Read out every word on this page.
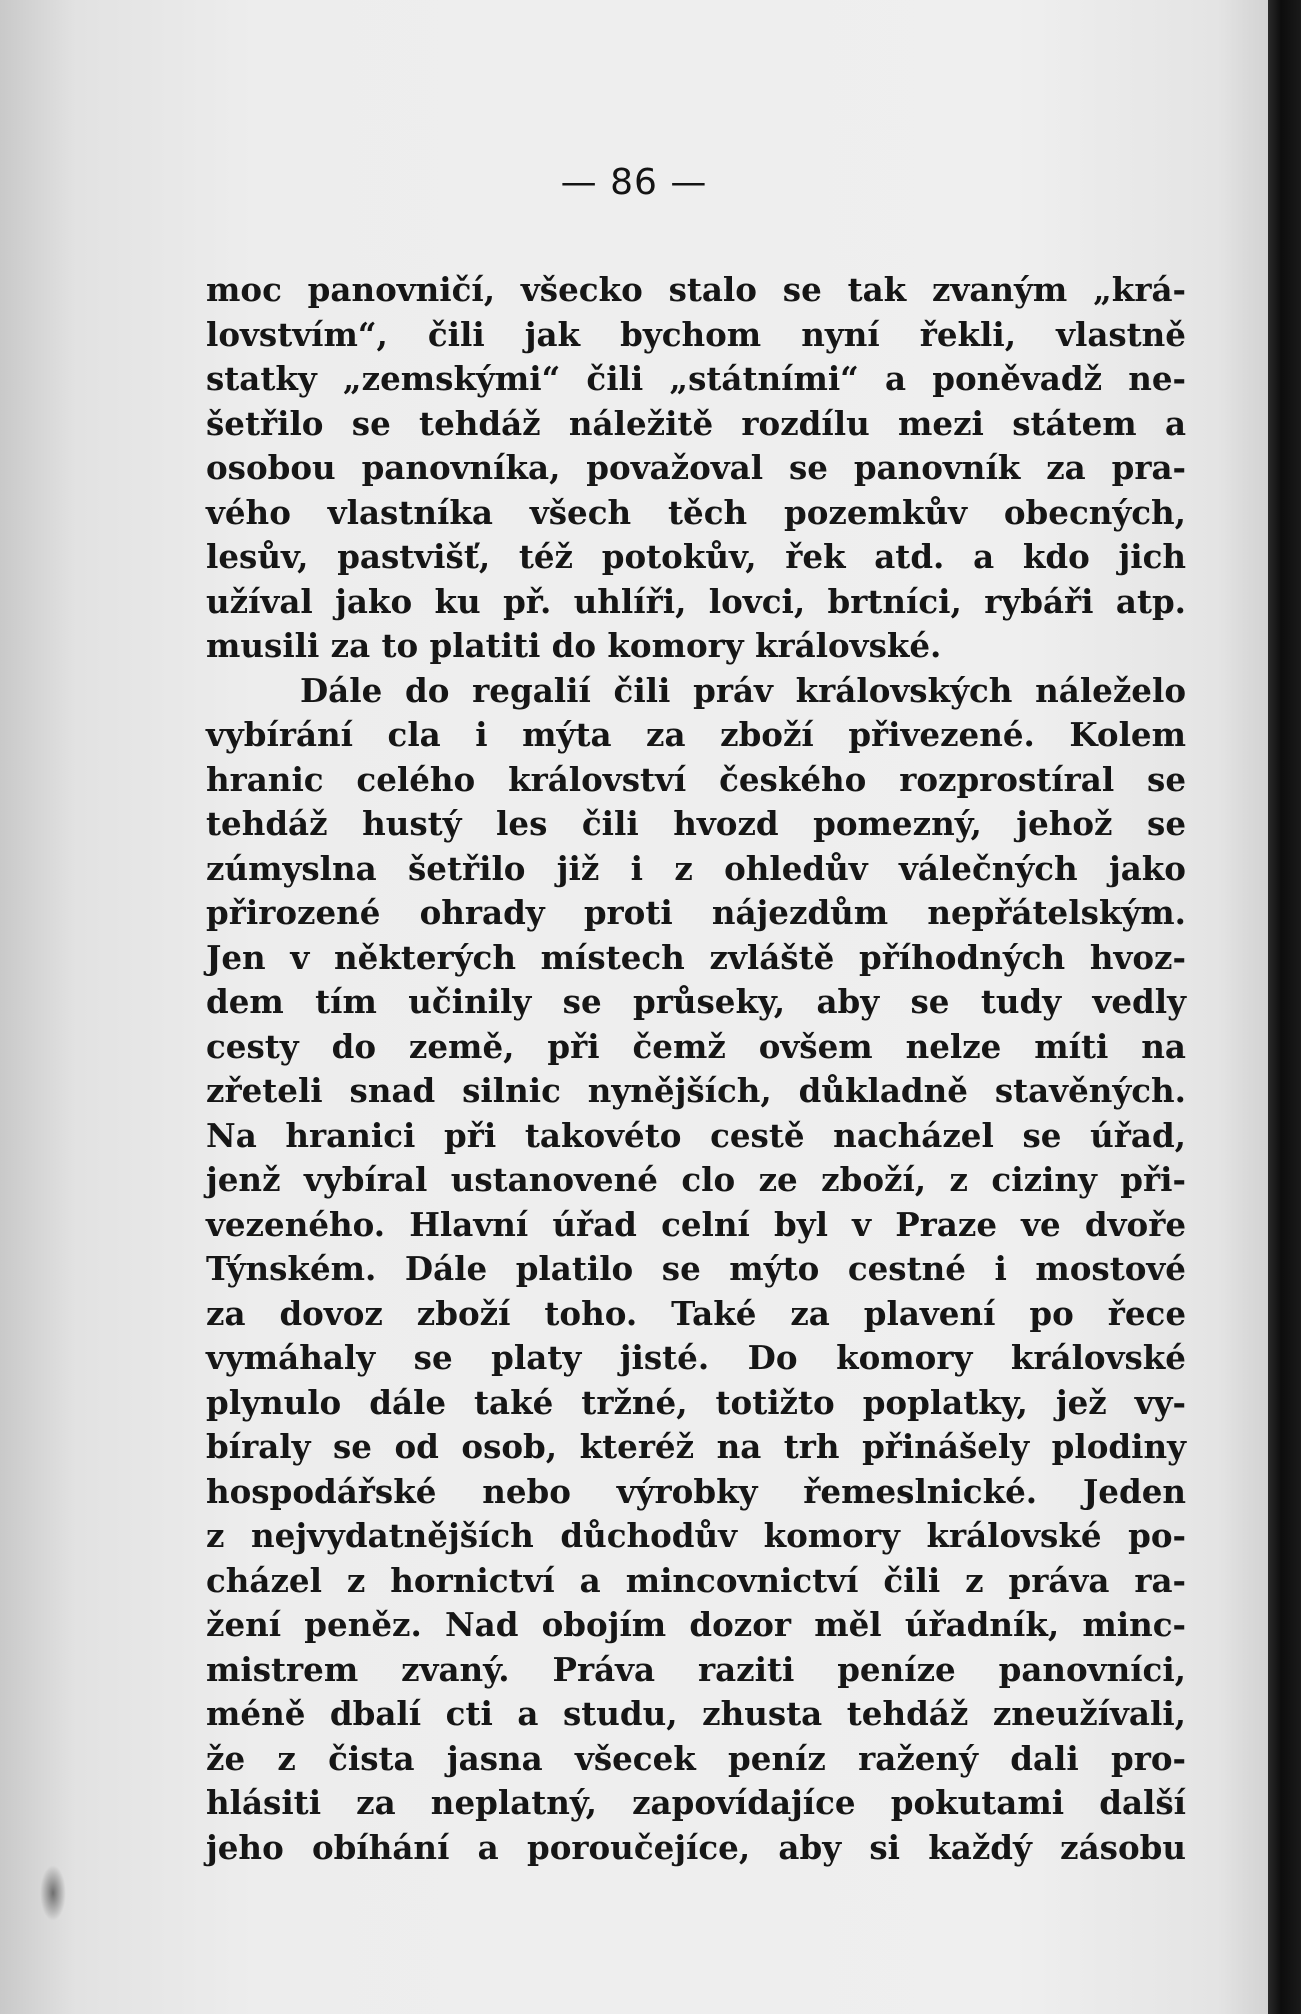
— 86 —
moc panovničí, všecko stalo se tak zvaným „krá-
lovstvím“, čili jak bychom nyní řekli, vlastně
statky „zemskými“ čili „státními“ a poněvadž ne-
šetřilo se tehdáž náležitě rozdílu mezi státem a
osobou panovníka, považoval se panovník za pra-
vého vlastníka všech těch pozemkův obecných,
lesův, pastvišť, též potokův, řek atd. a kdo jich
užíval jako ku př. uhlíři, lovci, brtníci, rybáři atp.
musili za to platiti do komory královské.
Dále do regalií čili práv královských náleželo
vybírání cla i mýta za zboží přivezené. Kolem
hranic celého království českého rozprostíral se
tehdáž hustý les čili hvozd pomezný, jehož se
zúmyslna šetřilo již i z ohledův válečných jako
přirozené ohrady proti nájezdům nepřátelským.
Jen v některých místech zvláště příhodných hvoz-
dem tím učinily se průseky, aby se tudy vedly
cesty do země, při čemž ovšem nelze míti na
zřeteli snad silnic nynějších, důkladně stavěných.
Na hranici při takovéto cestě nacházel se úřad,
jenž vybíral ustanovené clo ze zboží, z ciziny při-
vezeného. Hlavní úřad celní byl v Praze ve dvoře
Týnském. Dále platilo se mýto cestné i mostové
za dovoz zboží toho. Také za plavení po řece
vymáhaly se platy jisté. Do komory královské
plynulo dále také tržné, totižto poplatky, jež vy-
bíraly se od osob, kteréž na trh přinášely plodiny
hospodářské nebo výrobky řemeslnické. Jeden
z nejvydatnějších důchodův komory královské po-
cházel z hornictví a mincovnictví čili z práva ra-
žení peněz. Nad obojím dozor měl úřadník, minc-
mistrem zvaný. Práva raziti peníze panovníci,
méně dbalí cti a studu, zhusta tehdáž zneužívali,
že z čista jasna všecek peníz ražený dali pro-
hlásiti za neplatný, zapovídajíce pokutami další
jeho obíhání a poroučejíce, aby si každý zásobu
